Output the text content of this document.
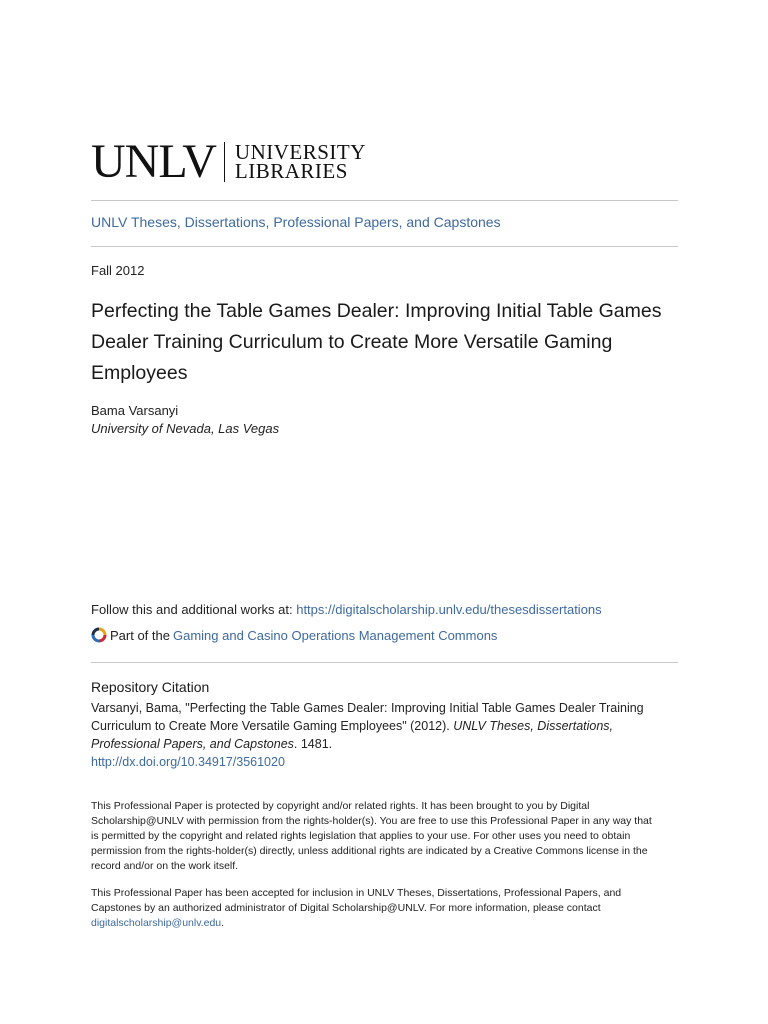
UNLV UNIVERSITY
LIBRARIES
UNLV Theses, Dissertations, Professional Papers, and Capstones
Fall 2012
Perfecting the Table Games Dealer: Improving Initial Table Games Dealer Training Curriculum to Create More Versatile Gaming Employees
Bama Varsanyi
University of Nevada, Las Vegas
Follow this and additional works at: https://digitalscholarship.unlv.edu/thesesdissertations
Part of the Gaming and Casino Operations Management Commons
Repository Citation
Varsanyi, Bama, "Perfecting the Table Games Dealer: Improving Initial Table Games Dealer Training Curriculum to Create More Versatile Gaming Employees" (2012). UNLV Theses, Dissertations, Professional Papers, and Capstones. 1481.
http://dx.doi.org/10.34917/3561020
This Professional Paper is protected by copyright and/or related rights. It has been brought to you by Digital Scholarship@UNLV with permission from the rights-holder(s). You are free to use this Professional Paper in any way that is permitted by the copyright and related rights legislation that applies to your use. For other uses you need to obtain permission from the rights-holder(s) directly, unless additional rights are indicated by a Creative Commons license in the record and/or on the work itself.
This Professional Paper has been accepted for inclusion in UNLV Theses, Dissertations, Professional Papers, and Capstones by an authorized administrator of Digital Scholarship@UNLV. For more information, please contact
digitalscholarship@unlv.edu.
